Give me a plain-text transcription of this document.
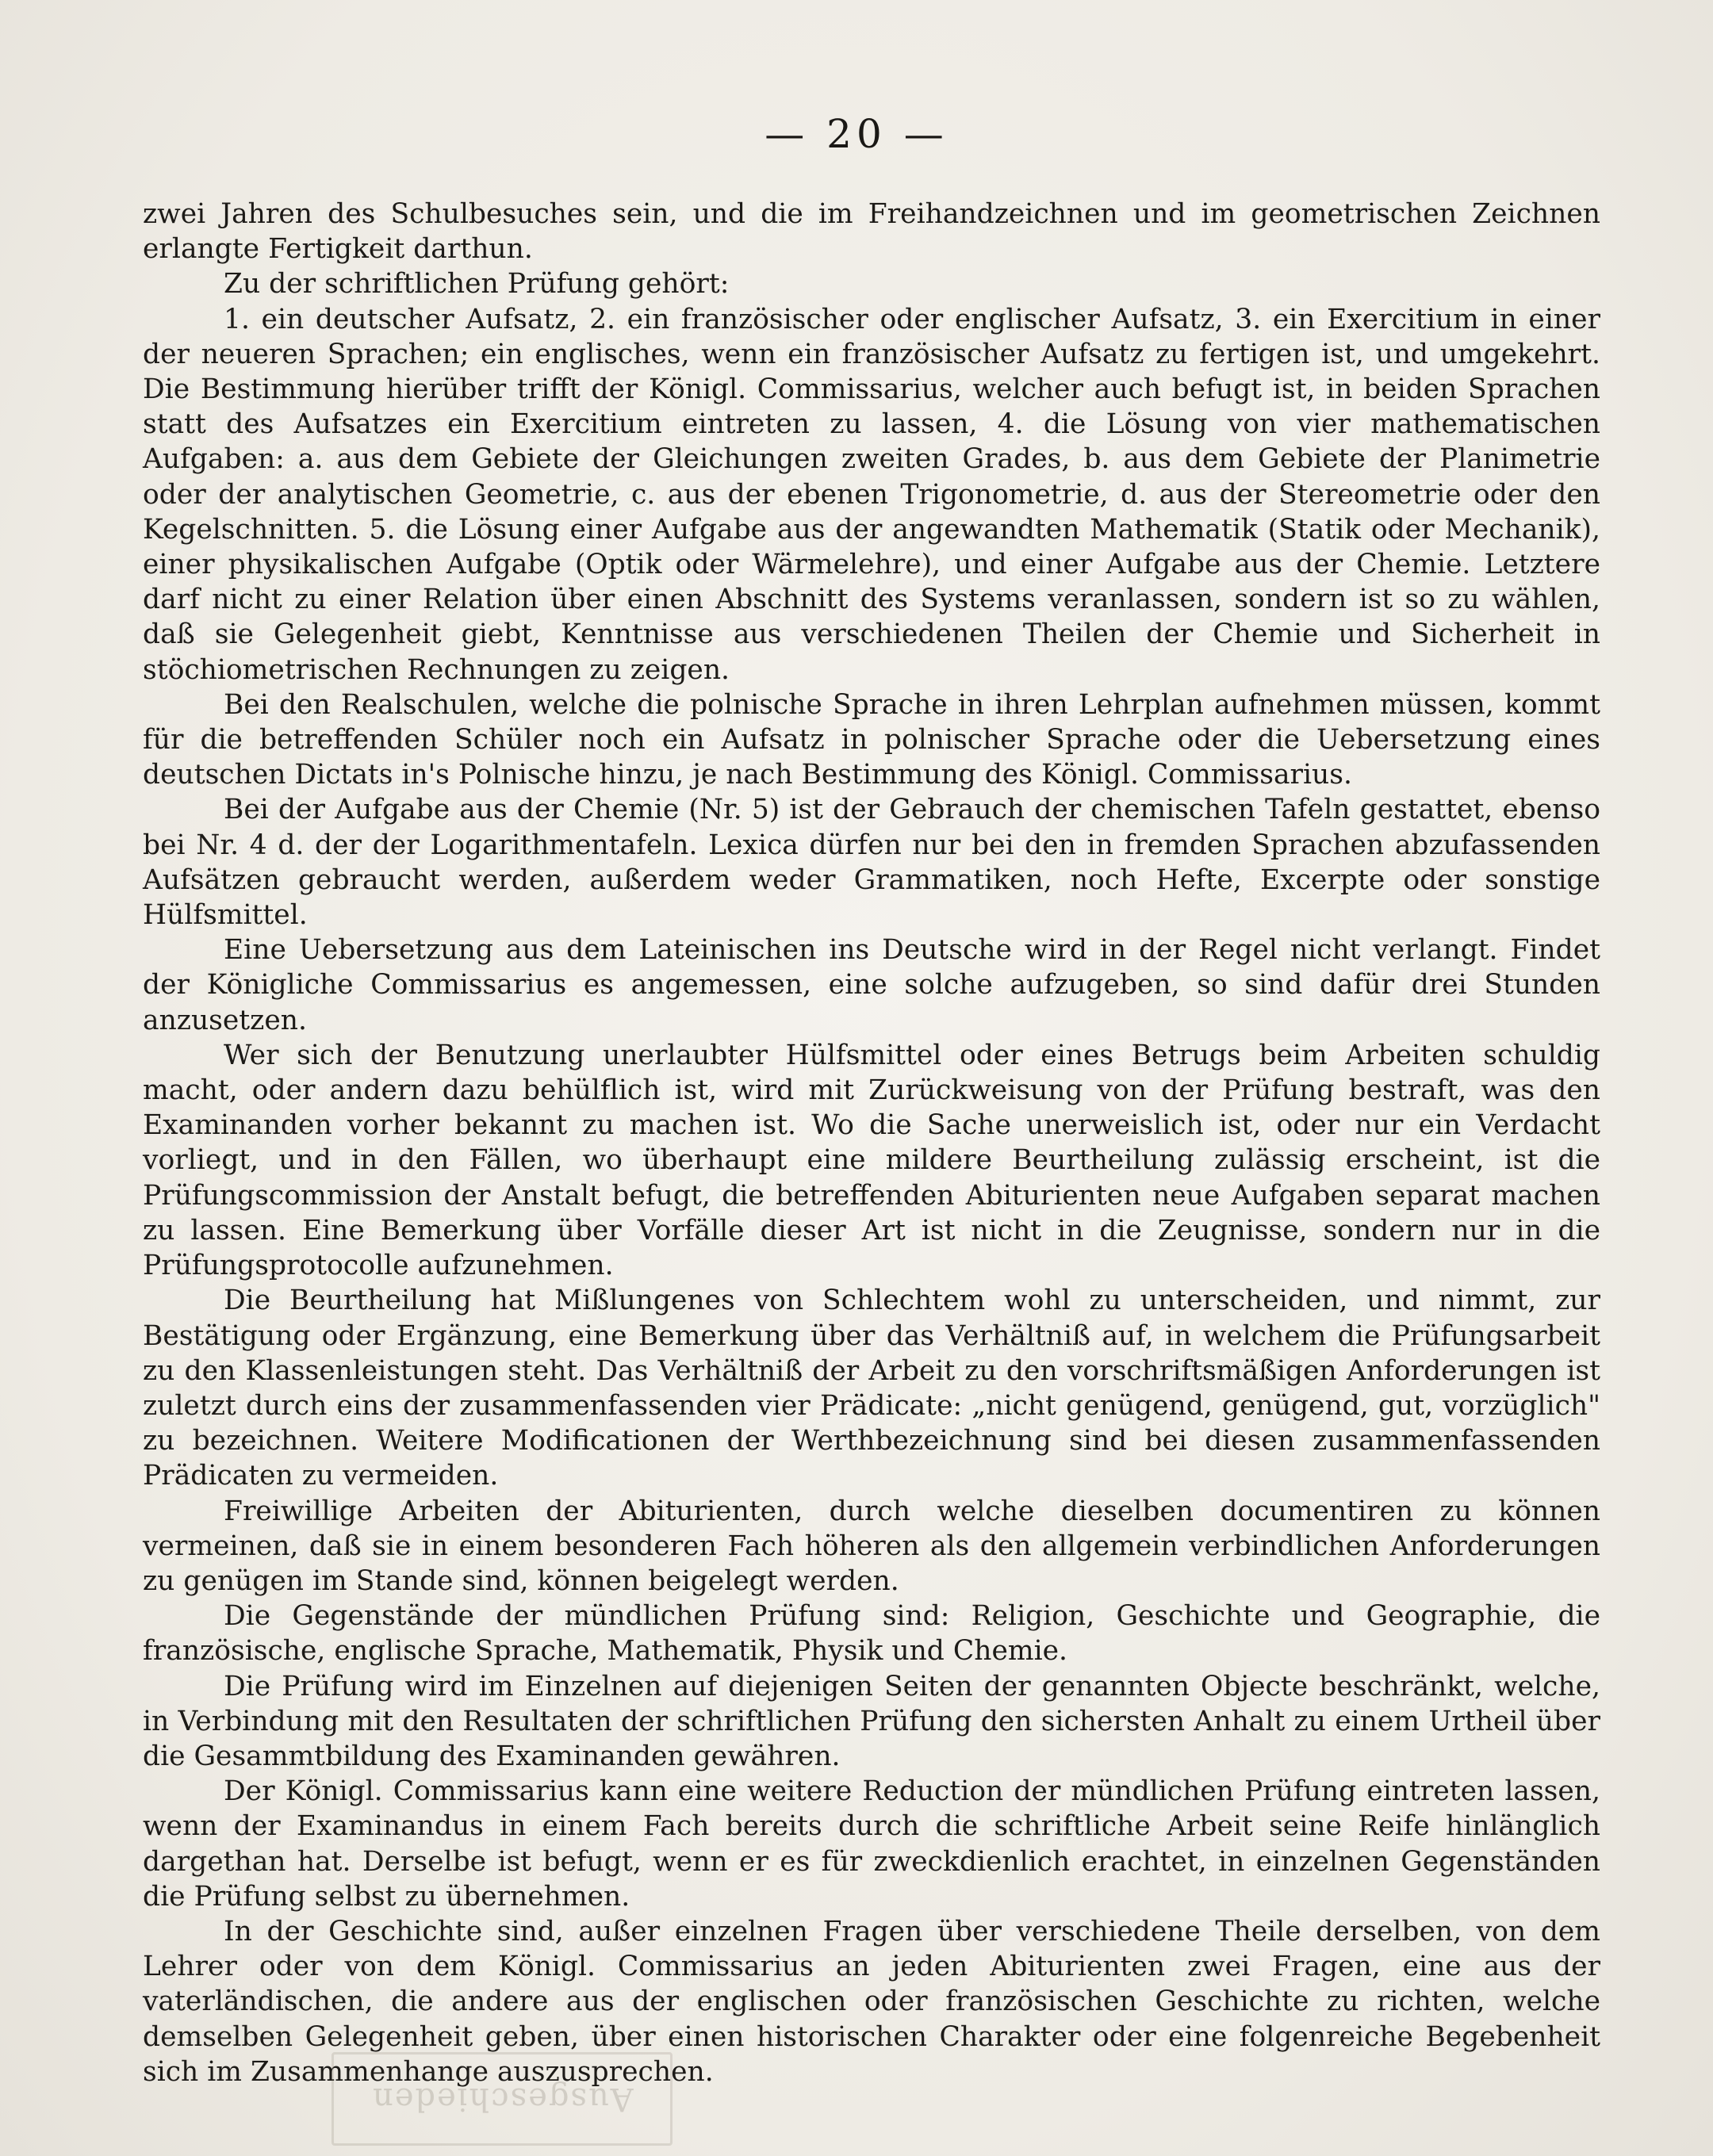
— 20 —

zwei Jahren des Schulbesuches sein, und die im Freihandzeichnen und im geometrischen Zeichnen erlangte Fertigkeit darthun.

Zu der schriftlichen Prüfung gehört:

1. ein deutscher Aufsatz, 2. ein französischer oder englischer Aufsatz, 3. ein Exercitium in einer der neueren Sprachen; ein englisches, wenn ein französischer Aufsatz zu fertigen ist, und umgekehrt. Die Bestimmung hierüber trifft der Königl. Commissarius, welcher auch befugt ist, in beiden Sprachen statt des Aufsatzes ein Exercitium eintreten zu lassen, 4. die Lösung von vier mathematischen Aufgaben: a. aus dem Gebiete der Gleichungen zweiten Grades, b. aus dem Gebiete der Planimetrie oder der analytischen Geometrie, c. aus der ebenen Trigonometrie, d. aus der Stereometrie oder den Kegelschnitten. 5. die Lösung einer Aufgabe aus der angewandten Mathematik (Statik oder Mechanik), einer physikalischen Aufgabe (Optik oder Wärmelehre), und einer Aufgabe aus der Chemie. Letztere darf nicht zu einer Relation über einen Abschnitt des Systems veranlassen, sondern ist so zu wählen, daß sie Gelegenheit giebt, Kenntnisse aus verschiedenen Theilen der Chemie und Sicherheit in stöchiometrischen Rechnungen zu zeigen.

Bei den Realschulen, welche die polnische Sprache in ihren Lehrplan aufnehmen müssen, kommt für die betreffenden Schüler noch ein Aufsatz in polnischer Sprache oder die Uebersetzung eines deutschen Dictats in's Polnische hinzu, je nach Bestimmung des Königl. Commissarius.

Bei der Aufgabe aus der Chemie (Nr. 5) ist der Gebrauch der chemischen Tafeln gestattet, ebenso bei Nr. 4 d. der der Logarithmentafeln. Lexica dürfen nur bei den in fremden Sprachen abzufassenden Aufsätzen gebraucht werden, außerdem weder Grammatiken, noch Hefte, Excerpte oder sonstige Hülfsmittel.

Eine Uebersetzung aus dem Lateinischen ins Deutsche wird in der Regel nicht verlangt. Findet der Königliche Commissarius es angemessen, eine solche aufzugeben, so sind dafür drei Stunden anzusetzen.

Wer sich der Benutzung unerlaubter Hülfsmittel oder eines Betrugs beim Arbeiten schuldig macht, oder andern dazu behülflich ist, wird mit Zurückweisung von der Prüfung bestraft, was den Examinanden vorher bekannt zu machen ist. Wo die Sache unerweislich ist, oder nur ein Verdacht vorliegt, und in den Fällen, wo überhaupt eine mildere Beurtheilung zulässig erscheint, ist die Prüfungscommission der Anstalt befugt, die betreffenden Abiturienten neue Aufgaben separat machen zu lassen. Eine Bemerkung über Vorfälle dieser Art ist nicht in die Zeugnisse, sondern nur in die Prüfungsprotocolle aufzunehmen.

Die Beurtheilung hat Mißlungenes von Schlechtem wohl zu unterscheiden, und nimmt, zur Bestätigung oder Ergänzung, eine Bemerkung über das Verhältniß auf, in welchem die Prüfungsarbeit zu den Klassenleistungen steht. Das Verhältniß der Arbeit zu den vorschriftsmäßigen Anforderungen ist zuletzt durch eins der zusammenfassenden vier Prädicate: „nicht genügend, genügend, gut, vorzüglich" zu bezeichnen. Weitere Modificationen der Werthbezeichnung sind bei diesen zusammenfassenden Prädicaten zu vermeiden.

Freiwillige Arbeiten der Abiturienten, durch welche dieselben documentiren zu können vermeinen, daß sie in einem besonderen Fach höheren als den allgemein verbindlichen Anforderungen zu genügen im Stande sind, können beigelegt werden.

Die Gegenstände der mündlichen Prüfung sind: Religion, Geschichte und Geographie, die französische, englische Sprache, Mathematik, Physik und Chemie.

Die Prüfung wird im Einzelnen auf diejenigen Seiten der genannten Objecte beschränkt, welche, in Verbindung mit den Resultaten der schriftlichen Prüfung den sichersten Anhalt zu einem Urtheil über die Gesammtbildung des Examinanden gewähren.

Der Königl. Commissarius kann eine weitere Reduction der mündlichen Prüfung eintreten lassen, wenn der Examinandus in einem Fach bereits durch die schriftliche Arbeit seine Reife hinlänglich dargethan hat. Derselbe ist befugt, wenn er es für zweckdienlich erachtet, in einzelnen Gegenständen die Prüfung selbst zu übernehmen.

In der Geschichte sind, außer einzelnen Fragen über verschiedene Theile derselben, von dem Lehrer oder von dem Königl. Commissarius an jeden Abiturienten zwei Fragen, eine aus der vaterländischen, die andere aus der englischen oder französischen Geschichte zu richten, welche demselben Gelegenheit geben, über einen historischen Charakter oder eine folgenreiche Begebenheit sich im Zusammenhange auszusprechen.

Ausgeschieden
